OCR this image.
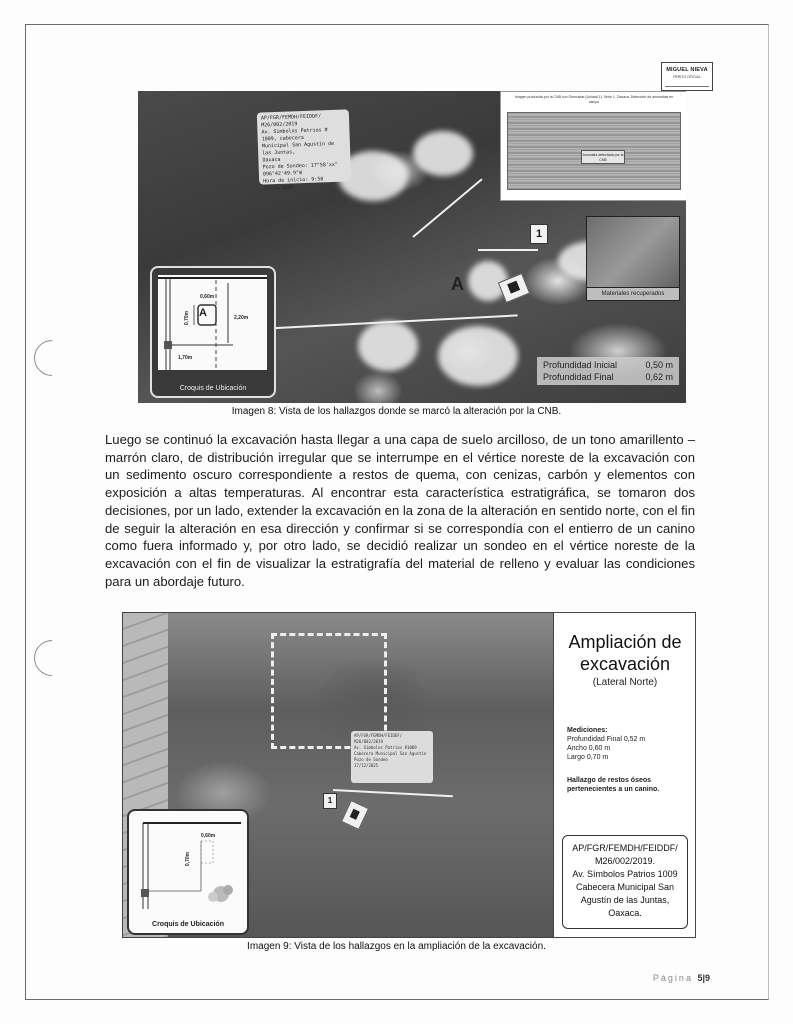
MIGUEL NIEVA
PERITO OFICIAL
AP/FGR/FEMDH/FEIDDF/
M26/002/2019
Av. Símbolos Patrios # 1009, cabecera
Municipal San Agustín de las Juntas,
Oaxaca
Pozo de Sondeo: 17°58'xx"
096°42'49.9"W
Hora de inicio: 9:50
17/12/2025
Imagen producida por la CNB con Georradar (Unidad 1), Serie 1, Oaxaca. Detección de anomalías en campo
Anomalía detectada por la CNB
Materiales recuperados
1
A
A
0,60m
0,70m	2,20m
1,70m
Croquis de Ubicación
Profundidad Inicial	0,50 m
Profundidad Final	0,62 m
Imagen 8: Vista de los hallazgos donde se marcó la alteración por la CNB.
Luego se continuó la excavación hasta llegar a una capa de suelo arcilloso, de un tono amarillento – marrón claro, de distribución irregular que se interrumpe en el vértice noreste de la excavación con un sedimento oscuro correspondiente a restos de quema, con cenizas, carbón y elementos con exposición a altas temperaturas. Al encontrar esta característica estratigráfica, se tomaron dos decisiones, por un lado, extender la excavación en la zona de la alteración en sentido norte, con el fin de seguir la alteración en esa dirección y confirmar si se correspondía con el entierro de un canino como fuera informado y, por otro lado, se decidió realizar un sondeo en el vértice noreste de la excavación con el fin de visualizar la estratigrafía del material de relleno y evaluar las condiciones para un abordaje futuro.
AP/FGR/FEMDH/FEIDDF/
M26/002/2019
Av. Símbolos Patrios #1009
Cabecera Municipal San Agustín
Pozo de Sondeo
17/12/2025
1
0,60m
0,70m
Croquis de Ubicación
Ampliación de
excavación
(Lateral Norte)
Mediciones:
Profundidad Final 0,52 m
Ancho 0,60 m
Largo 0,70 m
Hallazgo de restos óseos pertenecientes a un canino.
AP/FGR/FEMDH/FEIDDF/
M26/002/2019.
Av. Símbolos Patrios 1009
Cabecera Municipal San
Agustín de las Juntas,
Oaxaca.
Imagen 9: Vista de los hallazgos en la ampliación de la excavación.
Página 5|9
